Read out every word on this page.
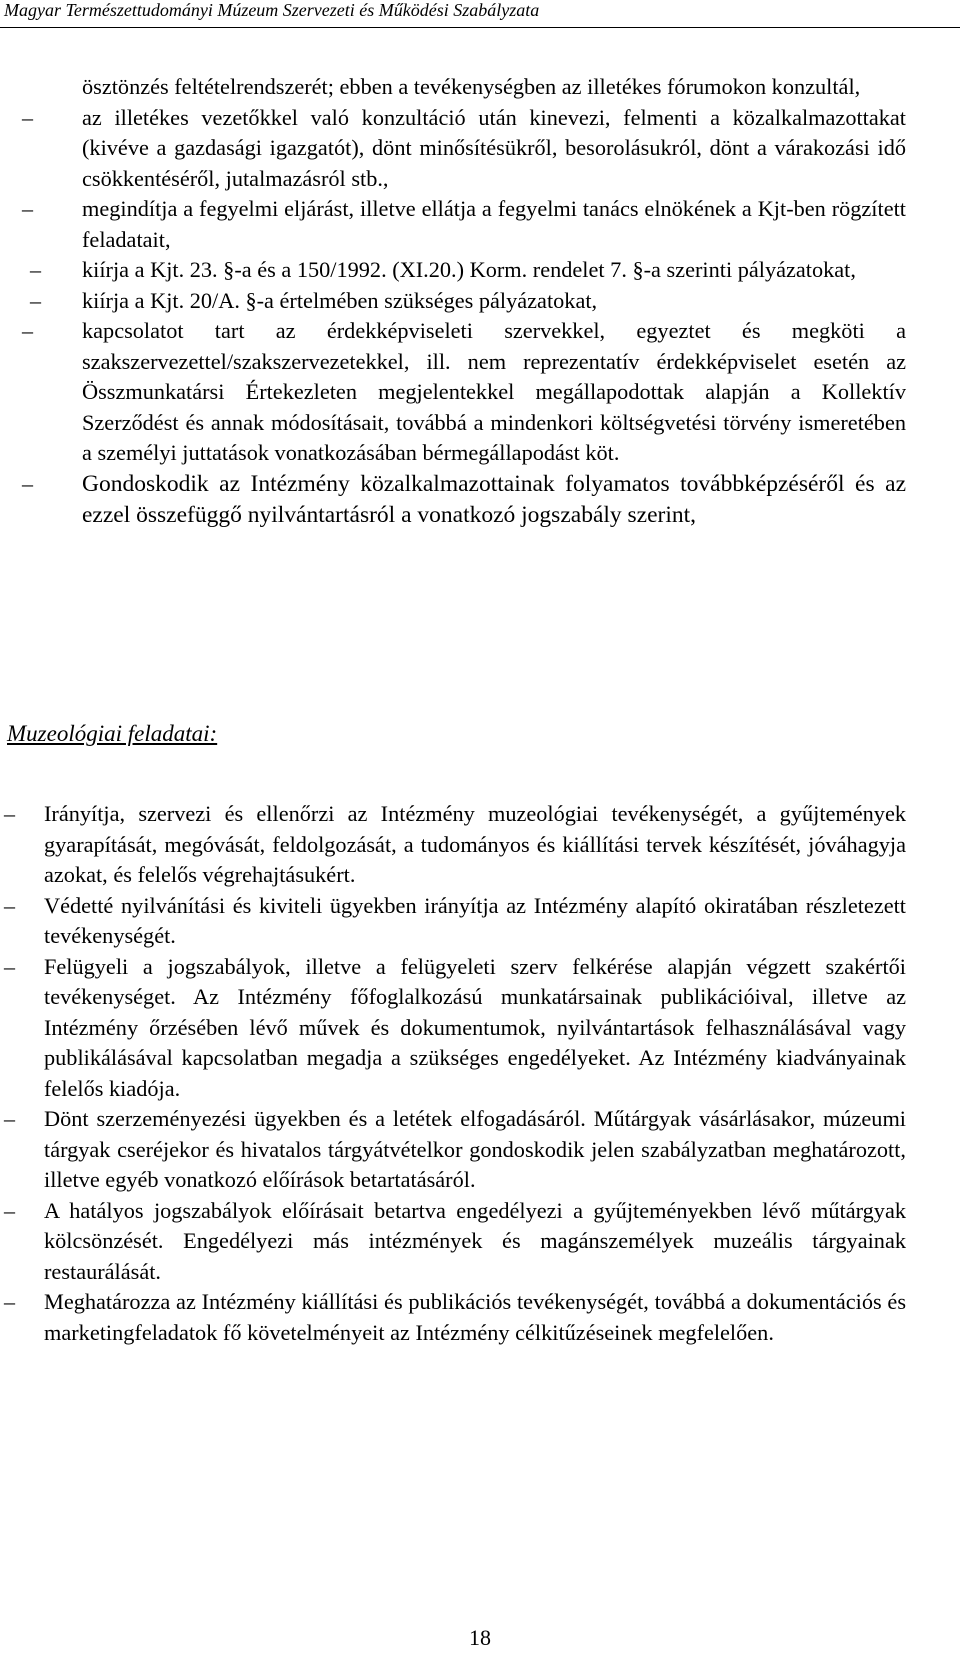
Magyar Természettudományi Múzeum Szervezeti és Működési Szabályzata

ösztönzés feltételrendszerét; ebben a tevékenységben az illetékes fórumokon konzultál,

– az illetékes vezetőkkel való konzultáció után kinevezi, felmenti a közalkalmazottakat (kivéve a gazdasági igazgatót), dönt minősítésükről, besorolásukról, dönt a várakozási idő csökkentéséről, jutalmazásról stb.,

– megindítja a fegyelmi eljárást, illetve ellátja a fegyelmi tanács elnökének a Kjt-ben rögzített feladatait,

– kiírja a Kjt. 23. §-a és a 150/1992. (XI.20.) Korm. rendelet 7. §-a szerinti pályázatokat,

– kiírja a Kjt. 20/A. §-a értelmében szükséges pályázatokat,

– kapcsolatot tart az érdekképviseleti szervekkel, egyeztet és megköti a szakszervezettel/szakszervezetekkel, ill. nem reprezentatív érdekképviselet esetén az Összmunkatársi Értekezleten megjelentekkel megállapodottak alapján a Kollektív Szerződést és annak módosításait, továbbá a mindenkori költségvetési törvény ismeretében a személyi juttatások vonatkozásában bérmegállapodást köt.

– Gondoskodik az Intézmény közalkalmazottainak folyamatos továbbképzéséről és az ezzel összefüggő nyilvántartásról a vonatkozó jogszabály szerint,

Muzeológiai feladatai:
– Irányítja, szervezi és ellenőrzi az Intézmény muzeológiai tevékenységét, a gyűjtemények gyarapítását, megóvását, feldolgozását, a tudományos és kiállítási tervek készítését, jóváhagyja azokat, és felelős végrehajtásukért.

– Védetté nyilvánítási és kiviteli ügyekben irányítja az Intézmény alapító okiratában részletezett tevékenységét.

– Felügyeli a jogszabályok, illetve a felügyeleti szerv felkérése alapján végzett szakértői tevékenységet. Az Intézmény főfoglalkozású munkatársainak publikációival, illetve az Intézmény őrzésében lévő művek és dokumentumok, nyilvántartások felhasználásával vagy publikálásával kapcsolatban megadja a szükséges engedélyeket. Az Intézmény kiadványainak felelős kiadója.

– Dönt szerzeményezési ügyekben és a letétek elfogadásáról. Műtárgyak vásárlásakor, múzeumi tárgyak cseréjekor és hivatalos tárgyátvételkor gondoskodik jelen szabályzatban meghatározott, illetve egyéb vonatkozó előírások betartatásáról.

– A hatályos jogszabályok előírásait betartva engedélyezi a gyűjteményekben lévő műtárgyak kölcsönzését. Engedélyezi más intézmények és magánszemélyek muzeális tárgyainak restaurálását.

– Meghatározza az Intézmény kiállítási és publikációs tevékenységét, továbbá a dokumentációs és marketingfeladatok fő követelményeit az Intézmény célkitűzéseinek megfelelően.

18
